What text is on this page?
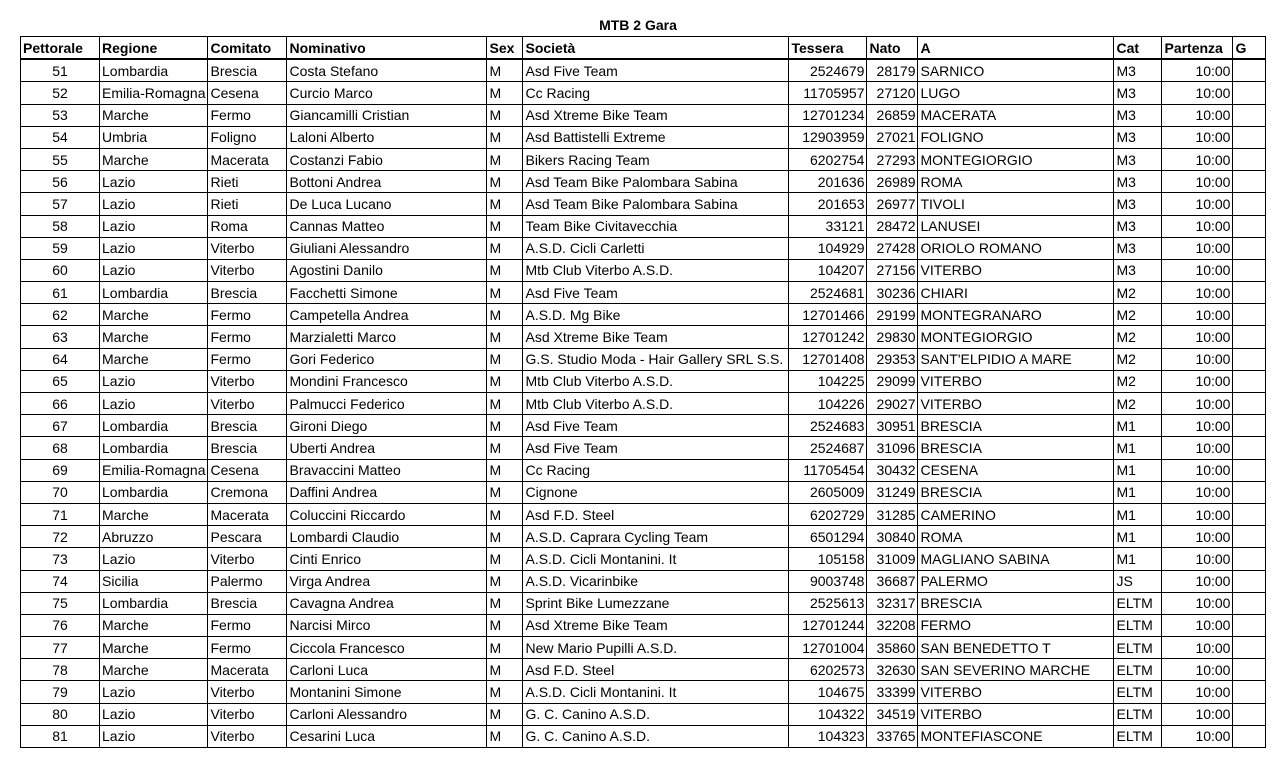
MTB 2 Gara
Pettorale	Regione	Comitato	Nominativo	Sex	Società	Tessera	Nato	A	Cat	Partenza	G
51	Lombardia	Brescia	Costa Stefano	M	Asd Five Team	2524679	28179	SARNICO	M3	10:00	
52	Emilia-Romagna	Cesena	Curcio Marco	M	Cc Racing	11705957	27120	LUGO	M3	10:00	
53	Marche	Fermo	Giancamilli Cristian	M	Asd Xtreme Bike Team	12701234	26859	MACERATA	M3	10:00	
54	Umbria	Foligno	Laloni Alberto	M	Asd Battistelli Extreme	12903959	27021	FOLIGNO	M3	10:00	
55	Marche	Macerata	Costanzi Fabio	M	Bikers Racing Team	6202754	27293	MONTEGIORGIO	M3	10:00	
56	Lazio	Rieti	Bottoni Andrea	M	Asd Team Bike Palombara Sabina	201636	26989	ROMA	M3	10:00	
57	Lazio	Rieti	De Luca Lucano	M	Asd Team Bike Palombara Sabina	201653	26977	TIVOLI	M3	10:00	
58	Lazio	Roma	Cannas Matteo	M	Team Bike Civitavecchia	33121	28472	LANUSEI	M3	10:00	
59	Lazio	Viterbo	Giuliani Alessandro	M	A.S.D. Cicli Carletti	104929	27428	ORIOLO ROMANO	M3	10:00	
60	Lazio	Viterbo	Agostini Danilo	M	Mtb Club Viterbo A.S.D.	104207	27156	VITERBO	M3	10:00	
61	Lombardia	Brescia	Facchetti Simone	M	Asd Five Team	2524681	30236	CHIARI	M2	10:00	
62	Marche	Fermo	Campetella Andrea	M	A.S.D. Mg Bike	12701466	29199	MONTEGRANARO	M2	10:00	
63	Marche	Fermo	Marzialetti Marco	M	Asd Xtreme Bike Team	12701242	29830	MONTEGIORGIO	M2	10:00	
64	Marche	Fermo	Gori Federico	M	G.S. Studio Moda - Hair Gallery SRL S.S.	12701408	29353	SANT'ELPIDIO A MARE	M2	10:00	
65	Lazio	Viterbo	Mondini Francesco	M	Mtb Club Viterbo A.S.D.	104225	29099	VITERBO	M2	10:00	
66	Lazio	Viterbo	Palmucci Federico	M	Mtb Club Viterbo A.S.D.	104226	29027	VITERBO	M2	10:00	
67	Lombardia	Brescia	Gironi Diego	M	Asd Five Team	2524683	30951	BRESCIA	M1	10:00	
68	Lombardia	Brescia	Uberti Andrea	M	Asd Five Team	2524687	31096	BRESCIA	M1	10:00	
69	Emilia-Romagna	Cesena	Bravaccini Matteo	M	Cc Racing	11705454	30432	CESENA	M1	10:00	
70	Lombardia	Cremona	Daffini Andrea	M	Cignone	2605009	31249	BRESCIA	M1	10:00	
71	Marche	Macerata	Coluccini Riccardo	M	Asd F.D. Steel	6202729	31285	CAMERINO	M1	10:00	
72	Abruzzo	Pescara	Lombardi Claudio	M	A.S.D. Caprara Cycling Team	6501294	30840	ROMA	M1	10:00	
73	Lazio	Viterbo	Cinti Enrico	M	A.S.D. Cicli Montanini. It	105158	31009	MAGLIANO SABINA	M1	10:00	
74	Sicilia	Palermo	Virga Andrea	M	A.S.D. Vicarinbike	9003748	36687	PALERMO	JS	10:00	
75	Lombardia	Brescia	Cavagna Andrea	M	Sprint Bike Lumezzane	2525613	32317	BRESCIA	ELTM	10:00	
76	Marche	Fermo	Narcisi Mirco	M	Asd Xtreme Bike Team	12701244	32208	FERMO	ELTM	10:00	
77	Marche	Fermo	Ciccola Francesco	M	New Mario Pupilli A.S.D.	12701004	35860	SAN BENEDETTO T	ELTM	10:00	
78	Marche	Macerata	Carloni Luca	M	Asd F.D. Steel	6202573	32630	SAN SEVERINO MARCHE	ELTM	10:00	
79	Lazio	Viterbo	Montanini Simone	M	A.S.D. Cicli Montanini. It	104675	33399	VITERBO	ELTM	10:00	
80	Lazio	Viterbo	Carloni Alessandro	M	G. C. Canino A.S.D.	104322	34519	VITERBO	ELTM	10:00	
81	Lazio	Viterbo	Cesarini Luca	M	G. C. Canino A.S.D.	104323	33765	MONTEFIASCONE	ELTM	10:00	
